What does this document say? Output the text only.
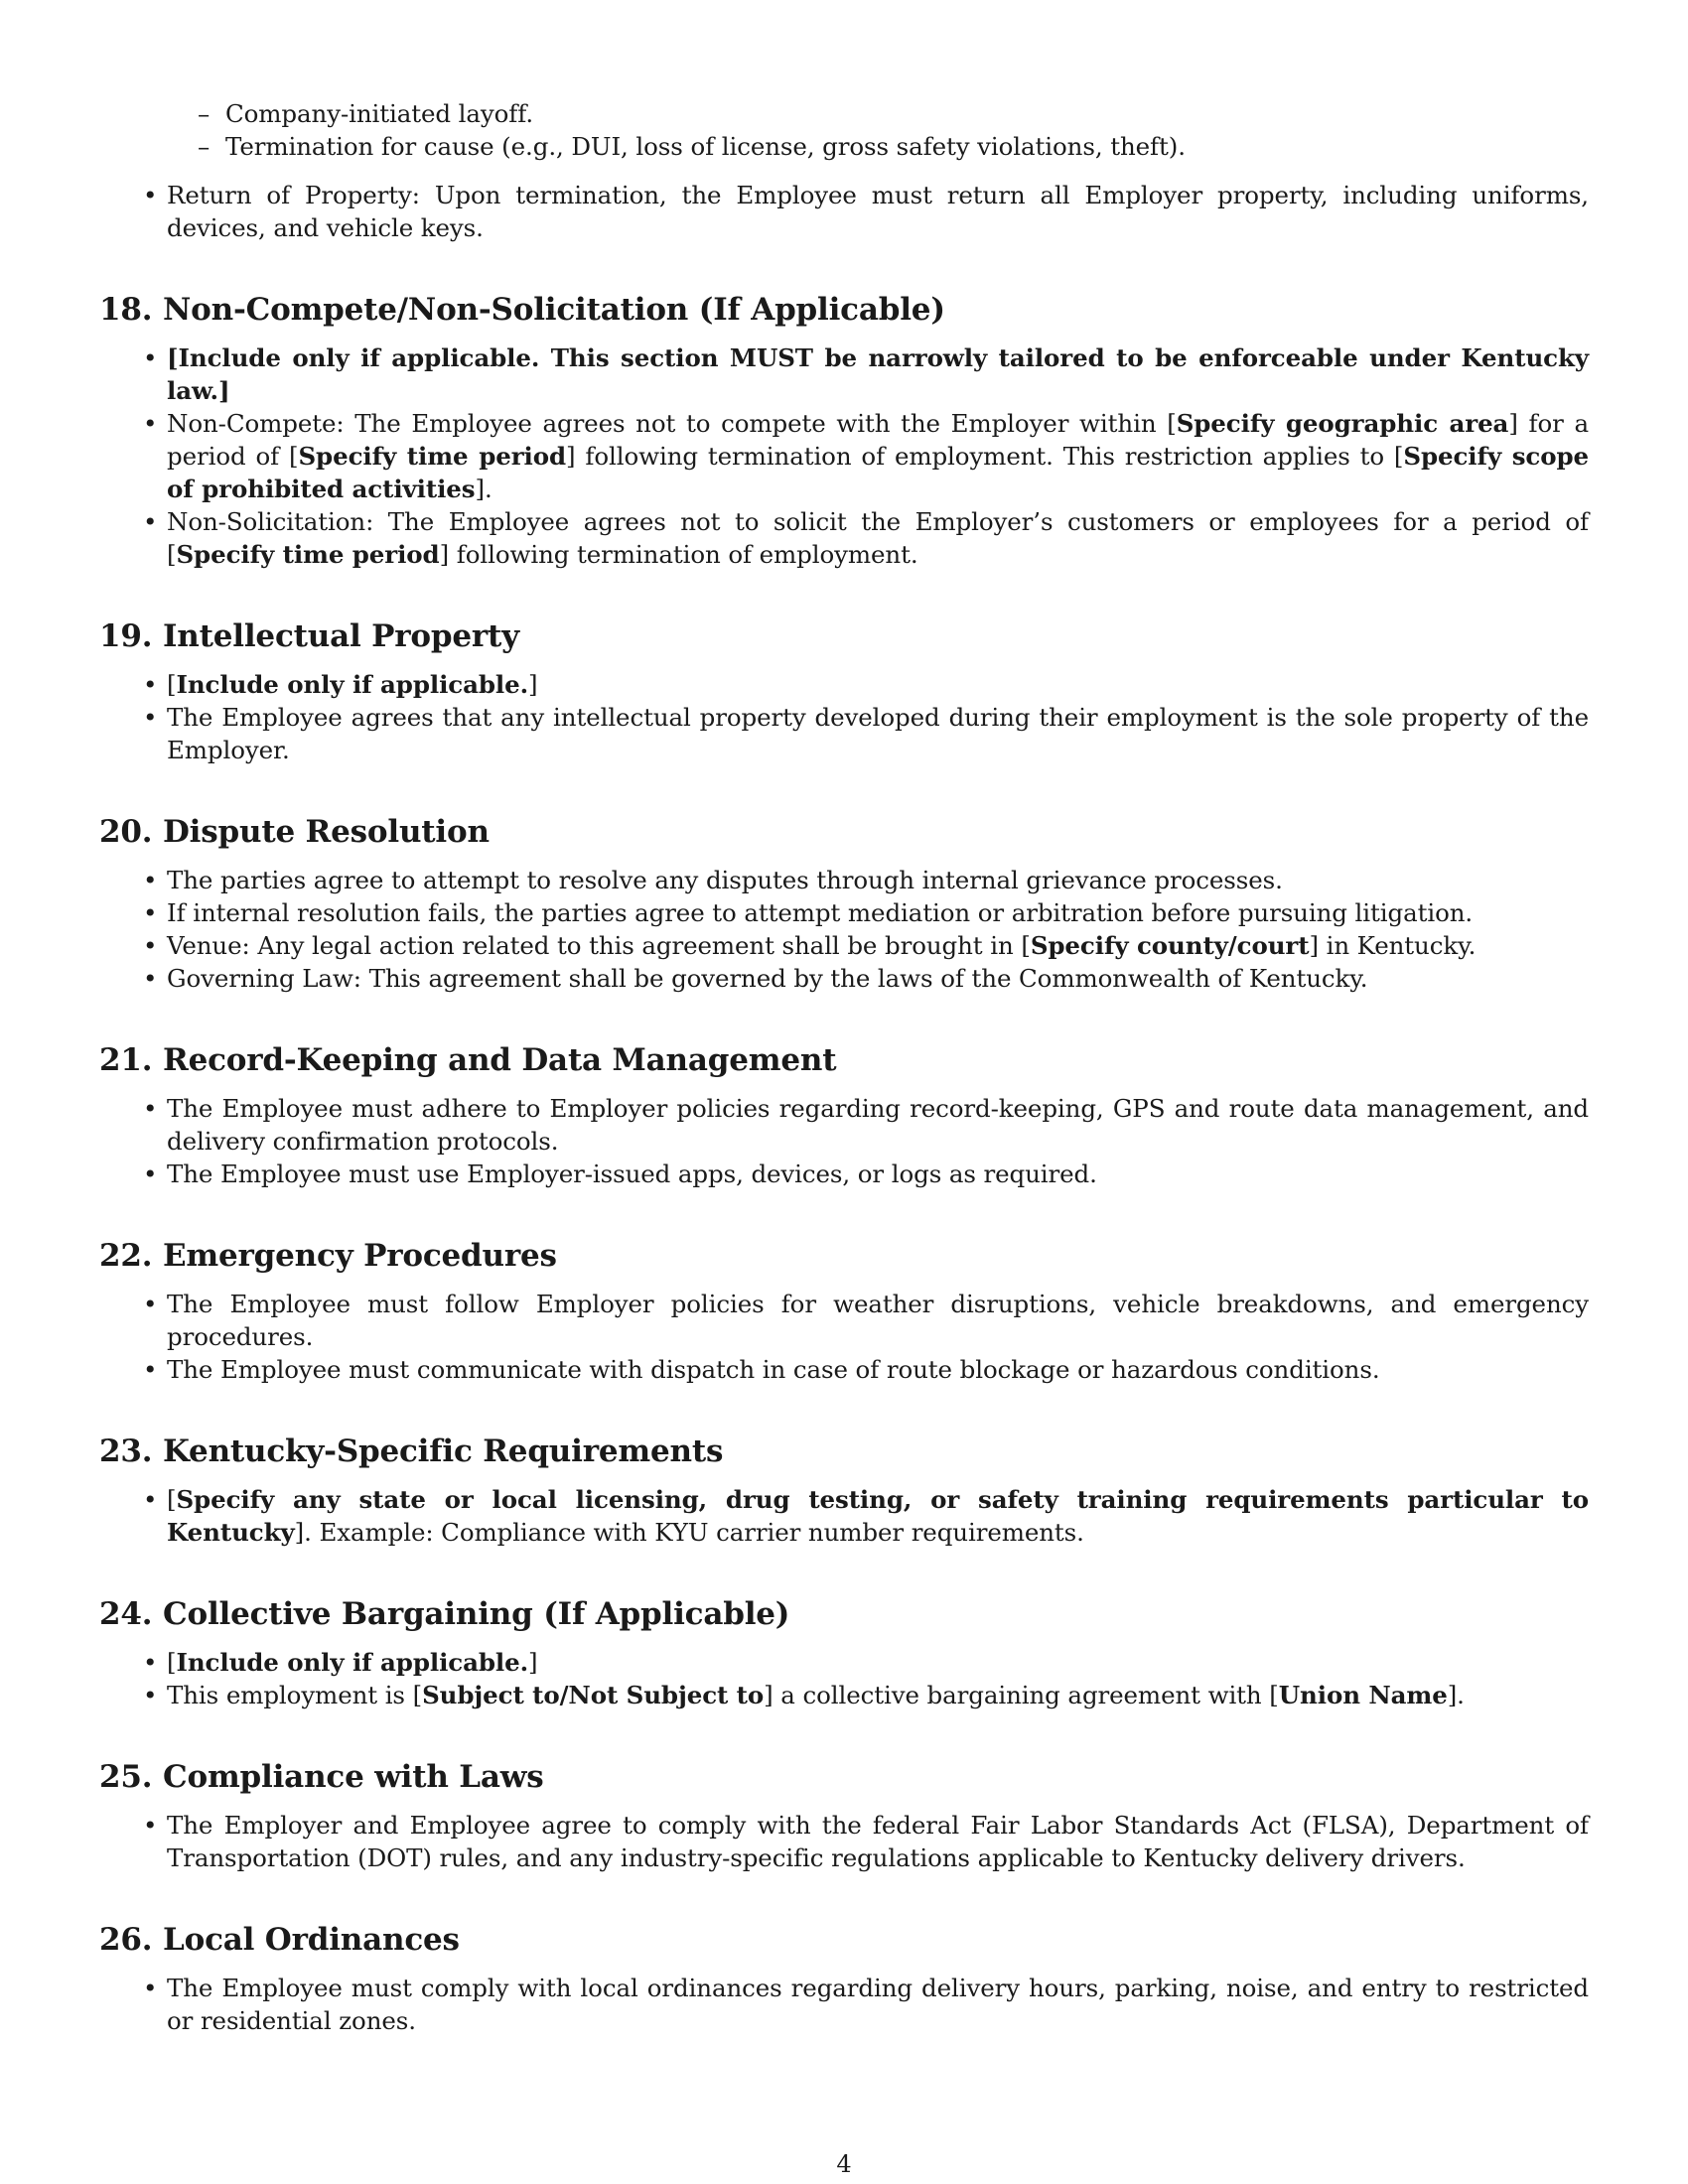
– Company-initiated layoff.
– Termination for cause (e.g., DUI, loss of license, gross safety violations, theft).
• Return of Property: Upon termination, the Employee must return all Employer property, including uniforms, devices, and vehicle keys.
18. Non-Compete/Non-Solicitation (If Applicable)
• [Include only if applicable. This section MUST be narrowly tailored to be enforceable under Kentucky law.]
• Non-Compete: The Employee agrees not to compete with the Employer within [Specify geographic area] for a period of [Specify time period] following termination of employment. This restriction applies to [Specify scope of prohibited activities].
• Non-Solicitation: The Employee agrees not to solicit the Employer’s customers or employees for a period of [Specify time period] following termination of employment.
19. Intellectual Property
• [Include only if applicable.]
• The Employee agrees that any intellectual property developed during their employment is the sole property of the Employer.
20. Dispute Resolution
• The parties agree to attempt to resolve any disputes through internal grievance processes.
• If internal resolution fails, the parties agree to attempt mediation or arbitration before pursuing litigation.
• Venue: Any legal action related to this agreement shall be brought in [Specify county/court] in Kentucky.
• Governing Law: This agreement shall be governed by the laws of the Commonwealth of Kentucky.
21. Record-Keeping and Data Management
• The Employee must adhere to Employer policies regarding record-keeping, GPS and route data management, and delivery confirmation protocols.
• The Employee must use Employer-issued apps, devices, or logs as required.
22. Emergency Procedures
• The Employee must follow Employer policies for weather disruptions, vehicle breakdowns, and emergency procedures.
• The Employee must communicate with dispatch in case of route blockage or hazardous conditions.
23. Kentucky-Specific Requirements
• [Specify any state or local licensing, drug testing, or safety training requirements particular to Kentucky]. Example: Compliance with KYU carrier number requirements.
24. Collective Bargaining (If Applicable)
• [Include only if applicable.]
• This employment is [Subject to/Not Subject to] a collective bargaining agreement with [Union Name].
25. Compliance with Laws
• The Employer and Employee agree to comply with the federal Fair Labor Standards Act (FLSA), Department of Transportation (DOT) rules, and any industry-specific regulations applicable to Kentucky delivery drivers.
26. Local Ordinances
• The Employee must comply with local ordinances regarding delivery hours, parking, noise, and entry to restricted or residential zones.
4
